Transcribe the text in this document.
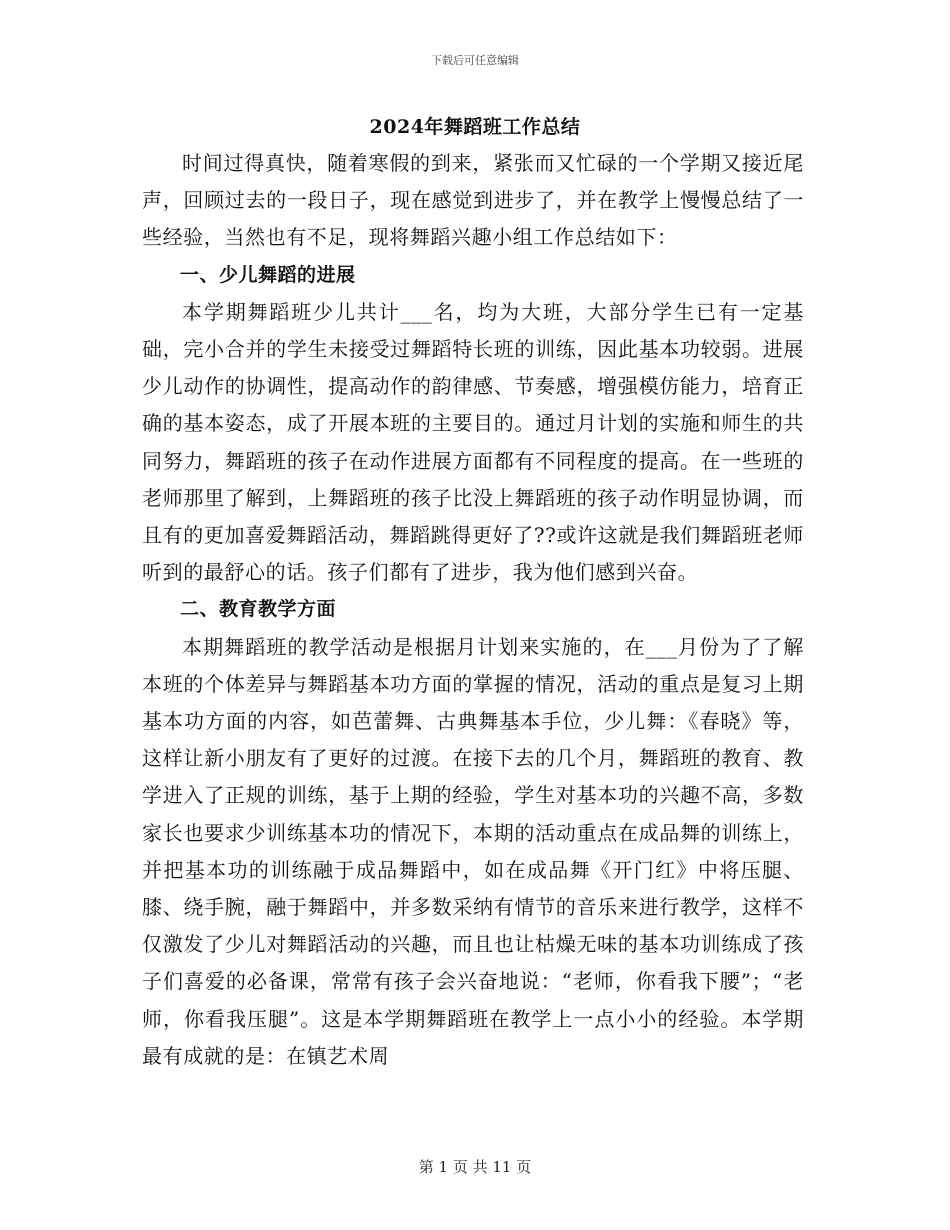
下载后可任意编辑
2024年舞蹈班工作总结

时间过得真快，随着寒假的到来，紧张而又忙碌的一个学期又接近尾声，回顾过去的一段日子，现在感觉到进步了，并在教学上慢慢总结了一些经验，当然也有不足，现将舞蹈兴趣小组工作总结如下：

一、少儿舞蹈的进展

本学期舞蹈班少儿共计___名，均为大班，大部分学生已有一定基础，完小合并的学生未接受过舞蹈特长班的训练，因此基本功较弱。进展少儿动作的协调性，提高动作的韵律感、节奏感，增强模仿能力，培育正确的基本姿态，成了开展本班的主要目的。通过月计划的实施和师生的共同努力，舞蹈班的孩子在动作进展方面都有不同程度的提高。在一些班的老师那里了解到，上舞蹈班的孩子比没上舞蹈班的孩子动作明显协调，而且有的更加喜爱舞蹈活动，舞蹈跳得更好了??或许这就是我们舞蹈班老师听到的最舒心的话。孩子们都有了进步，我为他们感到兴奋。

二、教育教学方面

本期舞蹈班的教学活动是根据月计划来实施的，在___月份为了了解本班的个体差异与舞蹈基本功方面的掌握的情况，活动的重点是复习上期基本功方面的内容，如芭蕾舞、古典舞基本手位，少儿舞：《春晓》等，这样让新小朋友有了更好的过渡。在接下去的几个月，舞蹈班的教育、教学进入了正规的训练，基于上期的经验，学生对基本功的兴趣不高，多数家长也要求少训练基本功的情况下，本期的活动重点在成品舞的训练上，并把基本功的训练融于成品舞蹈中，如在成品舞《开门红》中将压腿、膝、绕手腕，融于舞蹈中，并多数采纳有情节的音乐来进行教学，这样不仅激发了少儿对舞蹈活动的兴趣，而且也让枯燥无味的基本功训练成了孩子们喜爱的必备课，常常有孩子会兴奋地说：“老师，你看我下腰”；“老师，你看我压腿”。这是本学期舞蹈班在教学上一点小小的经验。本学期最有成就的是：在镇艺术周

第 1 页 共 11 页
